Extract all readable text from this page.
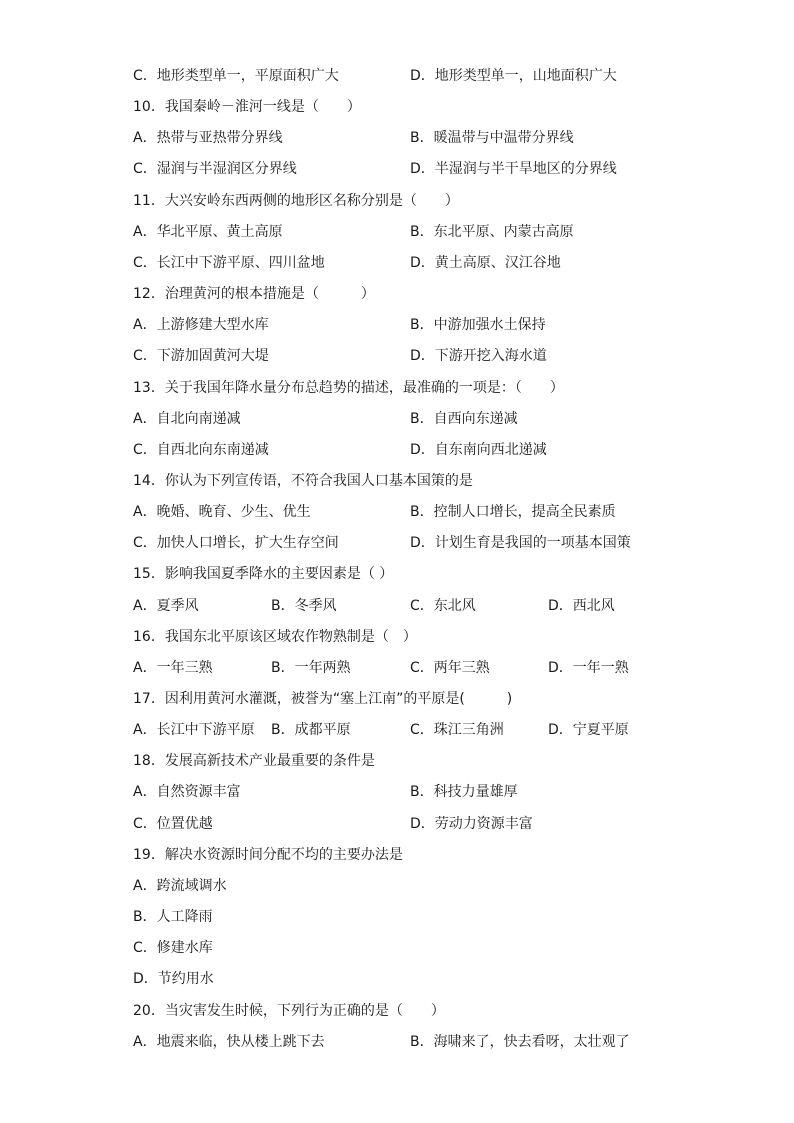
C．地形类型单一，平原面积广大	D．地形类型单一，山地面积广大
10．我国秦岭－淮河一线是（　　）
A．热带与亚热带分界线	B．暖温带与中温带分界线
C．湿润与半湿润区分界线	D．半湿润与半干旱地区的分界线
11．大兴安岭东西两侧的地形区名称分别是（　　）
A．华北平原、黄土高原	B．东北平原、内蒙古高原
C．长江中下游平原、四川盆地	D．黄土高原、汉江谷地
12．治理黄河的根本措施是（　　　）
A．上游修建大型水库	B．中游加强水土保持
C．下游加固黄河大堤	D．下游开挖入海水道
13．关于我国年降水量分布总趋势的描述，最准确的一项是：（　　）
A．自北向南递减	B．自西向东递减
C．自西北向东南递减	D．自东南向西北递减
14．你认为下列宣传语，不符合我国人口基本国策的是
A．晚婚、晚育、少生、优生	B．控制人口增长，提高全民素质
C．加快人口增长，扩大生存空间	D．计划生育是我国的一项基本国策
15．影响我国夏季降水的主要因素是（ ）
A．夏季风	B．冬季风	C．东北风	D．西北风
16．我国东北平原该区域农作物熟制是（　）
A．一年三熟	B．一年两熟	C．两年三熟	D．一年一熟
17．因利用黄河水灌溉，被誉为“塞上江南”的平原是(　　　)
A．长江中下游平原 B．成都平原	C．珠江三角洲	D．宁夏平原
18．发展高新技术产业最重要的条件是
A．自然资源丰富	B．科技力量雄厚
C．位置优越	D．劳动力资源丰富
19．解决水资源时间分配不均的主要办法是
A．跨流域调水
B．人工降雨
C．修建水库
D．节约用水
20．当灾害发生时候，下列行为正确的是（　　）
A．地震来临，快从楼上跳下去	B．海啸来了，快去看呀，太壮观了
